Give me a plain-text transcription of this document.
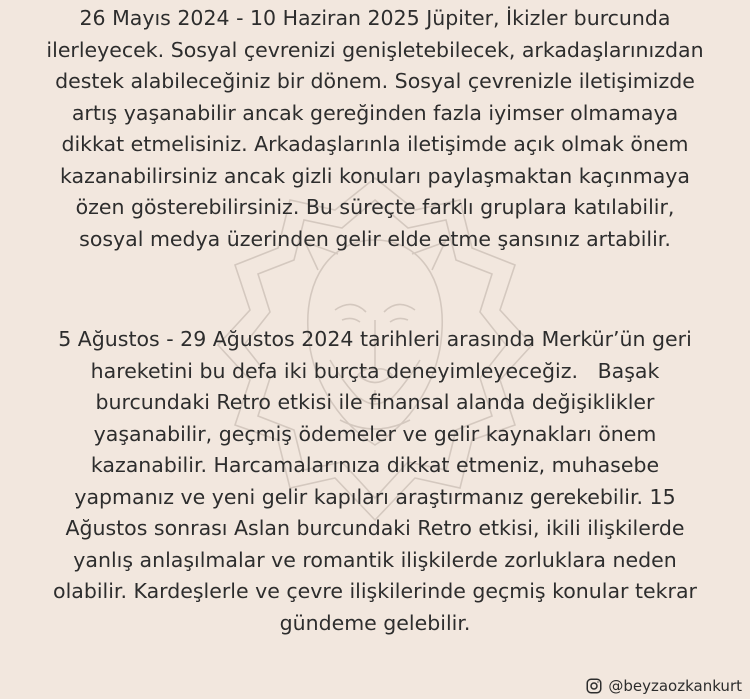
26 Mayıs 2024 - 10 Haziran 2025 Jüpiter, İkizler burcunda

ilerleyecek. Sosyal çevrenizi genişletebilecek, arkadaşlarınızdan

destek alabileceğiniz bir dönem. Sosyal çevrenizle iletişimizde

artış yaşanabilir ancak gereğinden fazla iyimser olmamaya

dikkat etmelisiniz. Arkadaşlarınla iletişimde açık olmak önem

kazanabilirsiniz ancak gizli konuları paylaşmaktan kaçınmaya

özen gösterebilirsiniz. Bu süreçte farklı gruplara katılabilir,

sosyal medya üzerinden gelir elde etme şansınız artabilir.

5 Ağustos - 29 Ağustos 2024 tarihleri arasında Merkür’ün geri

hareketini bu defa iki burçta deneyimleyeceğiz.   Başak

burcundaki Retro etkisi ile finansal alanda değişiklikler

yaşanabilir, geçmiş ödemeler ve gelir kaynakları önem

kazanabilir. Harcamalarınıza dikkat etmeniz, muhasebe

yapmanız ve yeni gelir kapıları araştırmanız gerekebilir. 15

Ağustos sonrası Aslan burcundaki Retro etkisi, ikili ilişkilerde

yanlış anlaşılmalar ve romantik ilişkilerde zorluklara neden

olabilir. Kardeşlerle ve çevre ilişkilerinde geçmiş konular tekrar

gündeme gelebilir.

@beyzaozkankurt
